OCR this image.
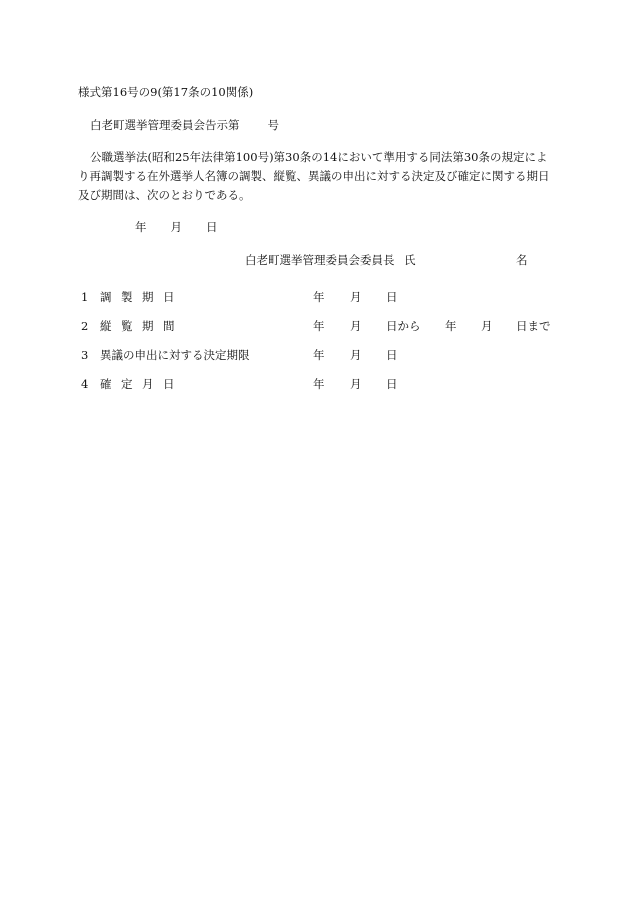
様式第16号の9(第17条の10関係)
白老町選挙管理委員会告示第 号
公職選挙法(昭和25年法律第100号)第30条の14において準用する同法第30条の規定により再調製する在外選挙人名簿の調製、縦覧、異議の申出に対する決定及び確定に関する期日及び期間は、次のとおりである。
年 月 日
白老町選挙管理委員会委員長 氏	名
1 調製期日	年 月 日
2 縦覧期間	年 月 日から 年 月 日まで
3 異議の申出に対する決定期限	年 月 日
4 確定月日	年 月 日
